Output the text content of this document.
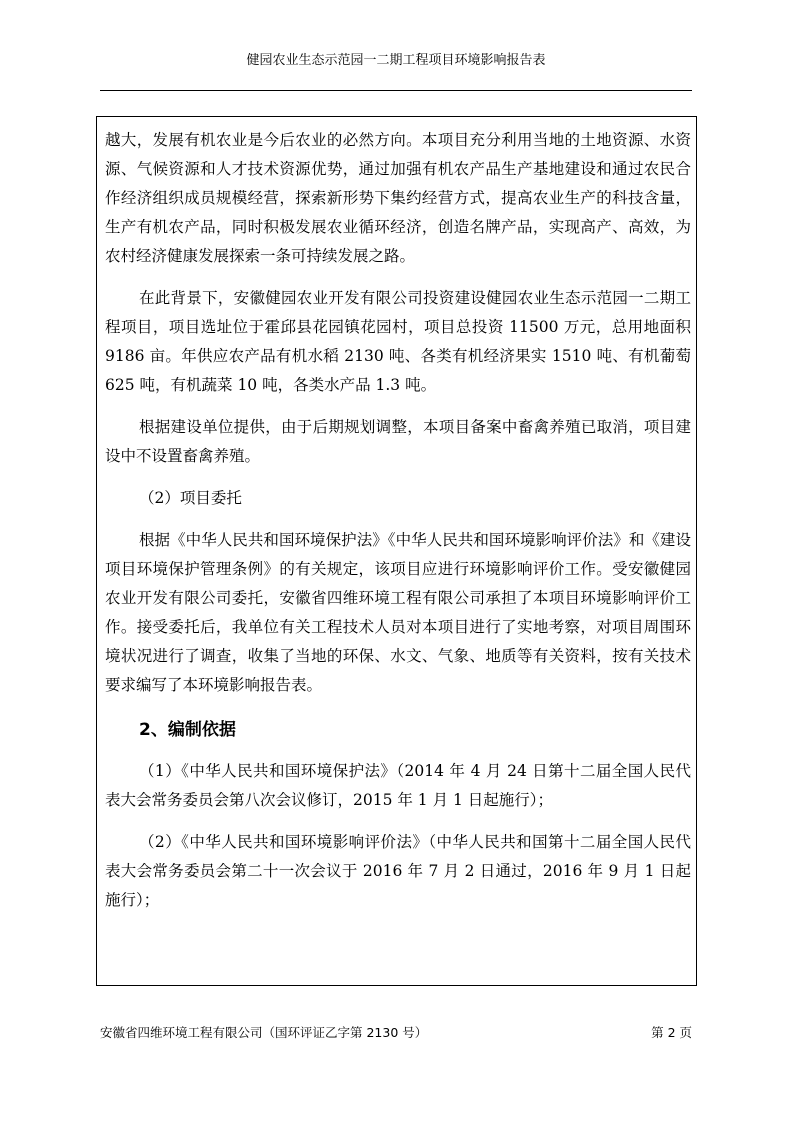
健园农业生态示范园一二期工程项目环境影响报告表

越大，发展有机农业是今后农业的必然方向。本项目充分利用当地的土地资源、水资源、气候资源和人才技术资源优势，通过加强有机农产品生产基地建设和通过农民合作经济组织成员规模经营，探索新形势下集约经营方式，提高农业生产的科技含量，生产有机农产品，同时积极发展农业循环经济，创造名牌产品，实现高产、高效，为农村经济健康发展探索一条可持续发展之路。

在此背景下，安徽健园农业开发有限公司投资建设健园农业生态示范园一二期工程项目，项目选址位于霍邱县花园镇花园村，项目总投资 11500 万元，总用地面积 9186 亩。年供应农产品有机水稻 2130 吨、各类有机经济果实 1510 吨、有机葡萄 625 吨，有机蔬菜 10 吨，各类水产品 1.3 吨。

根据建设单位提供，由于后期规划调整，本项目备案中畜禽养殖已取消，项目建设中不设置畜禽养殖。

（2）项目委托

根据《中华人民共和国环境保护法》《中华人民共和国环境影响评价法》和《建设项目环境保护管理条例》的有关规定，该项目应进行环境影响评价工作。受安徽健园农业开发有限公司委托，安徽省四维环境工程有限公司承担了本项目环境影响评价工作。接受委托后，我单位有关工程技术人员对本项目进行了实地考察，对项目周围环境状况进行了调查，收集了当地的环保、水文、气象、地质等有关资料，按有关技术要求编写了本环境影响报告表。

2、编制依据

（1）《中华人民共和国环境保护法》（2014 年 4 月 24 日第十二届全国人民代表大会常务委员会第八次会议修订，2015 年 1 月 1 日起施行）；

（2）《中华人民共和国环境影响评价法》（中华人民共和国第十二届全国人民代表大会常务委员会第二十一次会议于 2016 年 7 月 2 日通过，2016 年 9 月 1 日起施行）；

安徽省四维环境工程有限公司（国环评证乙字第 2130 号）	第 2 页
